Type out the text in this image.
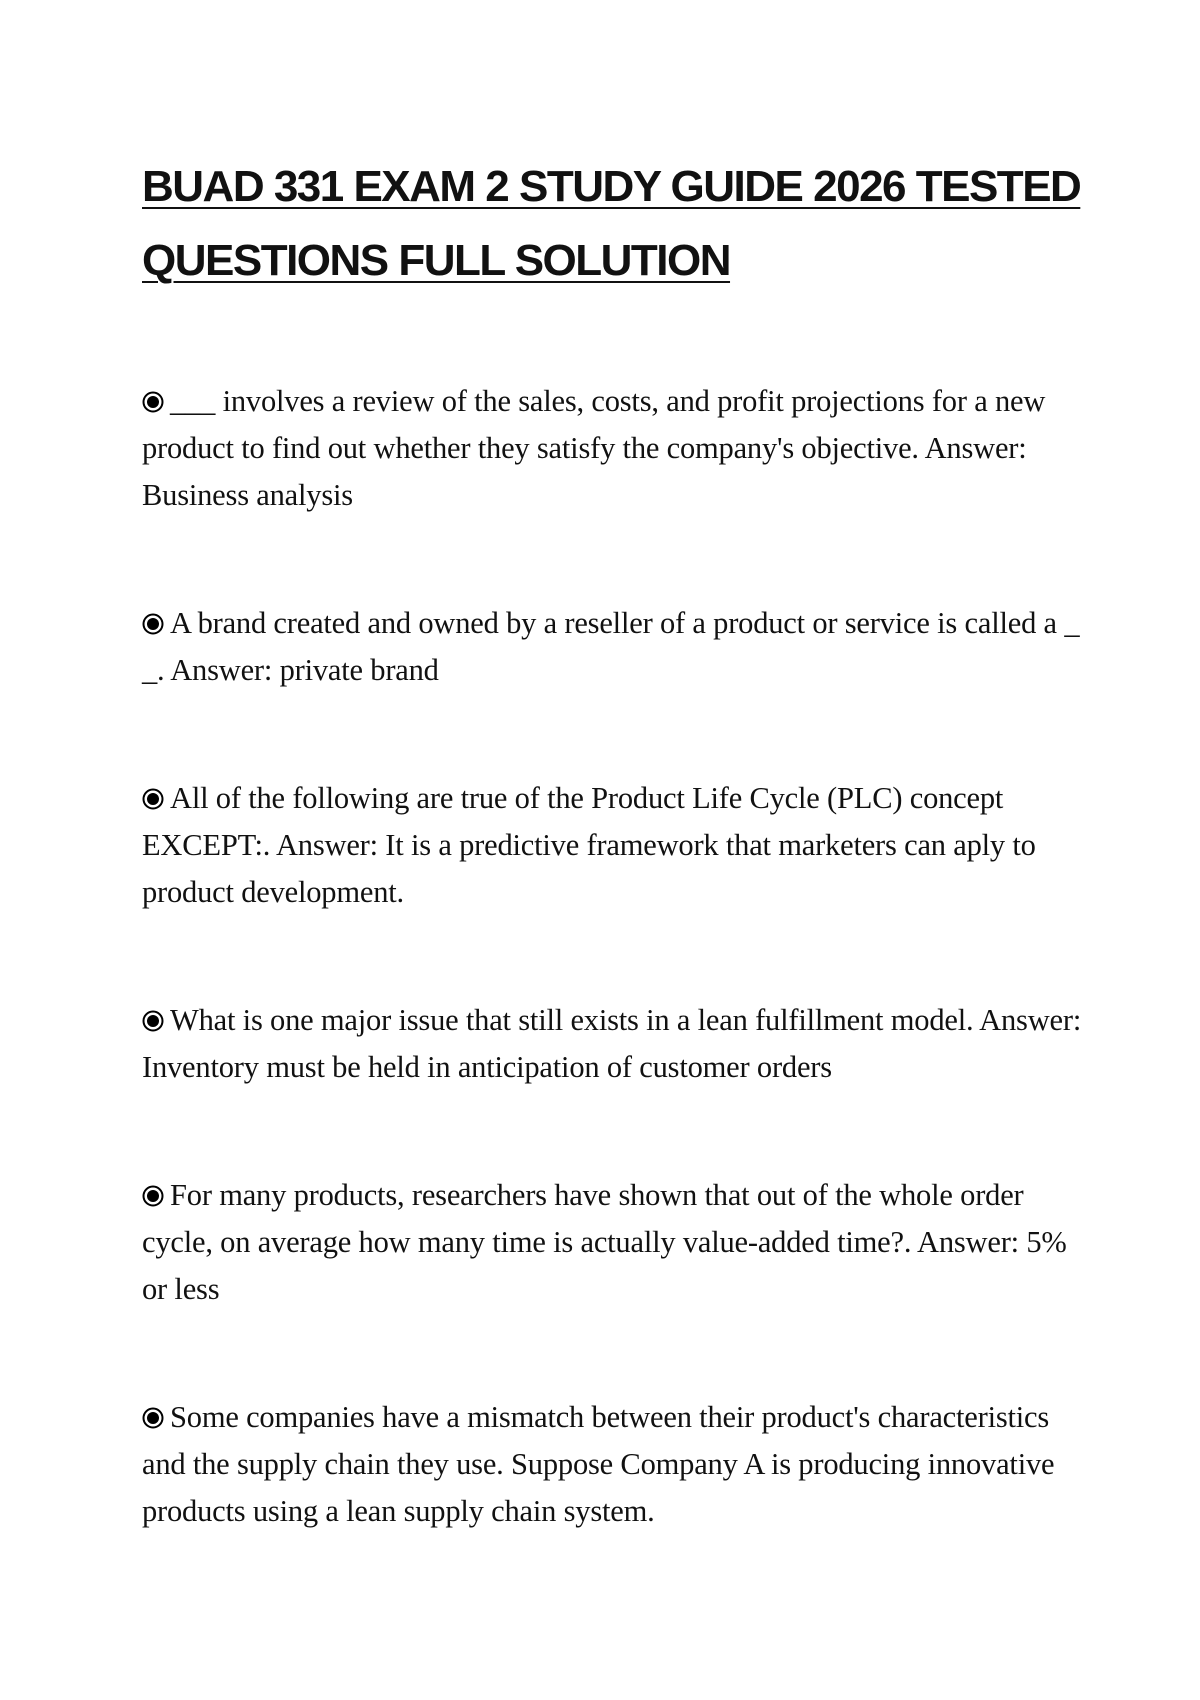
BUAD 331 EXAM 2 STUDY GUIDE 2026 TESTED
QUESTIONS FULL SOLUTION

___ involves a review of the sales, costs, and profit projections for a new product to find out whether they satisfy the company's objective. Answer: Business analysis

A brand created and owned by a reseller of a product or service is called a _ _. Answer: private brand

All of the following are true of the Product Life Cycle (PLC) concept EXCEPT:. Answer: It is a predictive framework that marketers can aply to product development.

What is one major issue that still exists in a lean fulfillment model. Answer: Inventory must be held in anticipation of customer orders

For many products, researchers have shown that out of the whole order cycle, on average how many time is actually value-added time?. Answer: 5% or less

Some companies have a mismatch between their product's characteristics and the supply chain they use. Suppose Company A is producing innovative products using a lean supply chain system.
